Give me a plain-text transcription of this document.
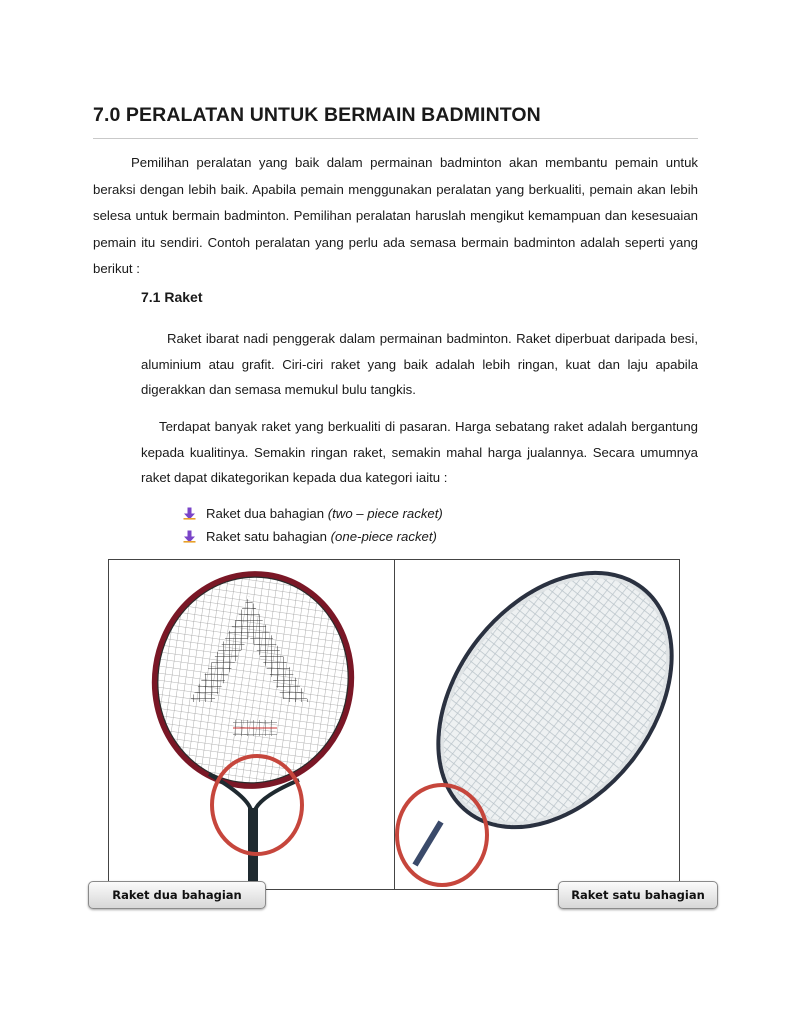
7.0 PERALATAN UNTUK BERMAIN BADMINTON

Pemilihan peralatan yang baik dalam permainan badminton akan membantu pemain untuk beraksi dengan lebih baik. Apabila pemain menggunakan peralatan yang berkualiti, pemain akan lebih selesa untuk bermain badminton. Pemilihan peralatan haruslah mengikut kemampuan dan kesesuaian pemain itu sendiri. Contoh peralatan yang perlu ada semasa bermain badminton adalah seperti yang berikut :

7.1 Raket

Raket ibarat nadi penggerak dalam permainan badminton. Raket diperbuat daripada besi, aluminium atau grafit. Ciri-ciri raket yang baik adalah lebih ringan, kuat dan laju apabila digerakkan dan semasa memukul bulu tangkis.

Terdapat banyak raket yang berkualiti di pasaran. Harga sebatang raket adalah bergantung kepada kualitinya. Semakin ringan raket, semakin mahal harga jualannya. Secara umumnya raket dapat dikategorikan kepada dua kategori iaitu :

Raket dua bahagian
(two – piece racket)
Raket satu bahagian
(one-piece racket)
Raket dua bahagian	Raket satu bahagian
